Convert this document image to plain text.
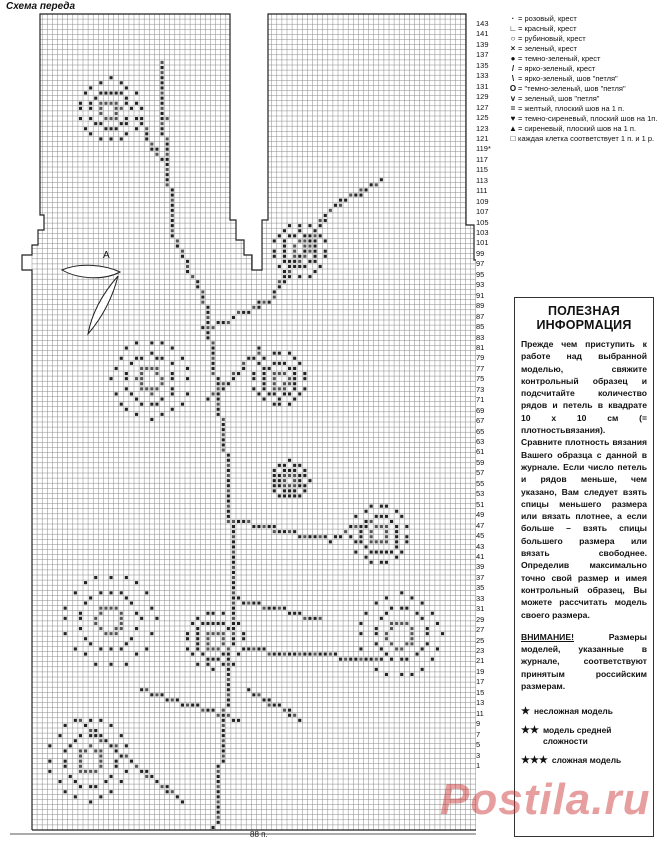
Схема переда
A
143
141
139
137
135
133
131
129
127
125
123
121
119*
117
115
113
111
109
107
105
103
101
99
97
95
93
91
89
87
85
83
81
79
77
75
73
71
69
67
65
63
61
59
57
55
53
51
49
47
45
43
41
39
37
35
33
31
29
27
25
23
21
19
17
15
13
11
9
7
5
3
1
· = розовый, крест
∟ = красный, крест
○ = рубиновый, крест
× = зеленый, крест
● = темно-зеленый, крест
/ = ярко-зеленый, крест
\ = ярко-зеленый, шов "петля"
O = "темно-зеленый, шов "петля"
v = зеленый, шов "петля"
= = желтый, плоский шов на 1 п.
♥ = темно-сиреневый, плоский шов на 1п.
▲ = сиреневый, плоский шов на 1 п.
□ каждая клетка соответствует 1 п. и 1 р.
ПОЛЕЗНАЯ
ИНФОРМАЦИЯ
Прежде чем приступить к работе над выбранной моделью, свяжите контрольный образец и подсчитайте количество рядов и петель в квадрате 10 х 10 см (= плотностьвязания). Сравните плотность вязания Вашего образца с данной в журнале. Если число петель и рядов меньше, чем указано, Вам следует взять спицы меньшего размера или вязать плотнее, а если больше – взять спицы большего размера или вязать свободнее. Определив максимально точно свой размер и имея контрольный образец, Вы можете рассчитать модель своего размера.
ВНИМАНИЕ! Размеры моделей, указанные в журнале, соответствуют принятым российским размерам.
★ несложная модель
★★ модель средней сложности
★★★ сложная модель
88 п.
Postila.ru
